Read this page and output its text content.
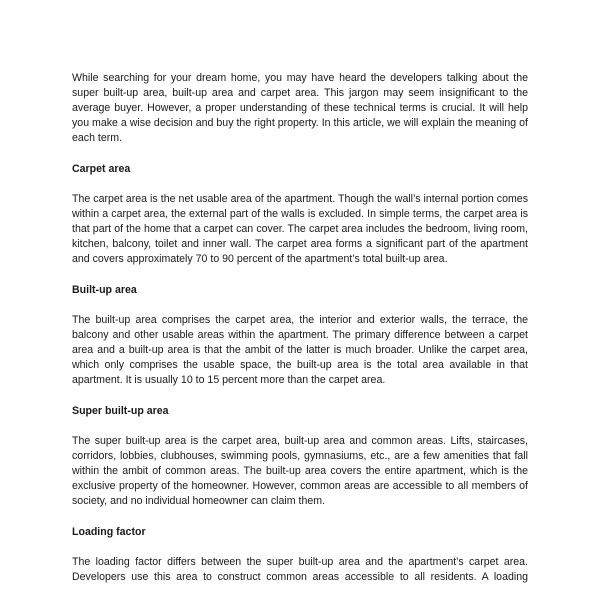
While searching for your dream home, you may have heard the developers talking about the super built-up area, built-up area and carpet area. This jargon may seem insignificant to the average buyer. However, a proper understanding of these technical terms is crucial. It will help you make a wise decision and buy the right property. In this article, we will explain the meaning of each term.

Carpet area

The carpet area is the net usable area of the apartment. Though the wall’s internal portion comes within a carpet area, the external part of the walls is excluded. In simple terms, the carpet area is that part of the home that a carpet can cover. The carpet area includes the bedroom, living room, kitchen, balcony, toilet and inner wall. The carpet area forms a significant part of the apartment and covers approximately 70 to 90 percent of the apartment’s total built-up area.

Built-up area

The built-up area comprises the carpet area, the interior and exterior walls, the terrace, the balcony and other usable areas within the apartment. The primary difference between a carpet area and a built-up area is that the ambit of the latter is much broader. Unlike the carpet area, which only comprises the usable space, the built-up area is the total area available in that apartment. It is usually 10 to 15 percent more than the carpet area.

Super built-up area

The super built-up area is the carpet area, built-up area and common areas. Lifts, staircases, corridors, lobbies, clubhouses, swimming pools, gymnasiums, etc., are a few amenities that fall within the ambit of common areas. The built-up area covers the entire apartment, which is the exclusive property of the homeowner. However, common areas are accessible to all members of society, and no individual homeowner can claim them.

Loading factor

The loading factor differs between the super built-up area and the apartment’s carpet area. Developers use this area to construct common areas accessible to all residents. A loading
